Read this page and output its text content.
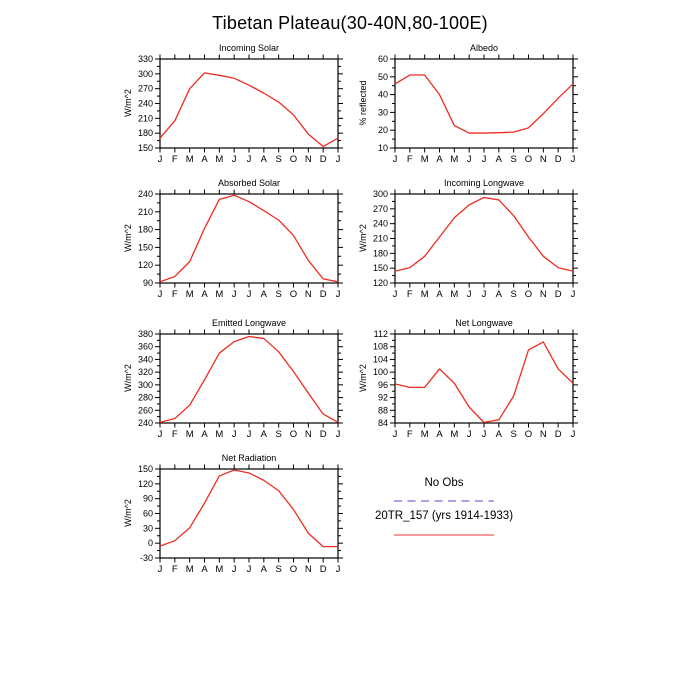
Tibetan Plateau(30-40N,80-100E)
Incoming Solar
W/m^2
J F M A M J J A S O N D J
150
180
210
240
270
300
330
Albedo
% reflected
J F M A M J J A S O N D J
10
20
30
40
50
60
Absorbed Solar
W/m^2
J F M A M J J A S O N D J
90
120
150
180
210
240
Incoming Longwave
W/m^2
J F M A M J J A S O N D J
120
150
180
210
240
270
300
Emitted Longwave
W/m^2
J F M A M J J A S O N D J
240
260
280
300
320
340
360
380
Net Longwave
W/m^2
J F M A M J J A S O N D J
84
88
92
96
100
104
108
112
Net Radiation
W/m^2
J F M A M J J A S O N D J
-30
0
30
60
90
120
150
No Obs
20TR_157 (yrs 1914-1933)
